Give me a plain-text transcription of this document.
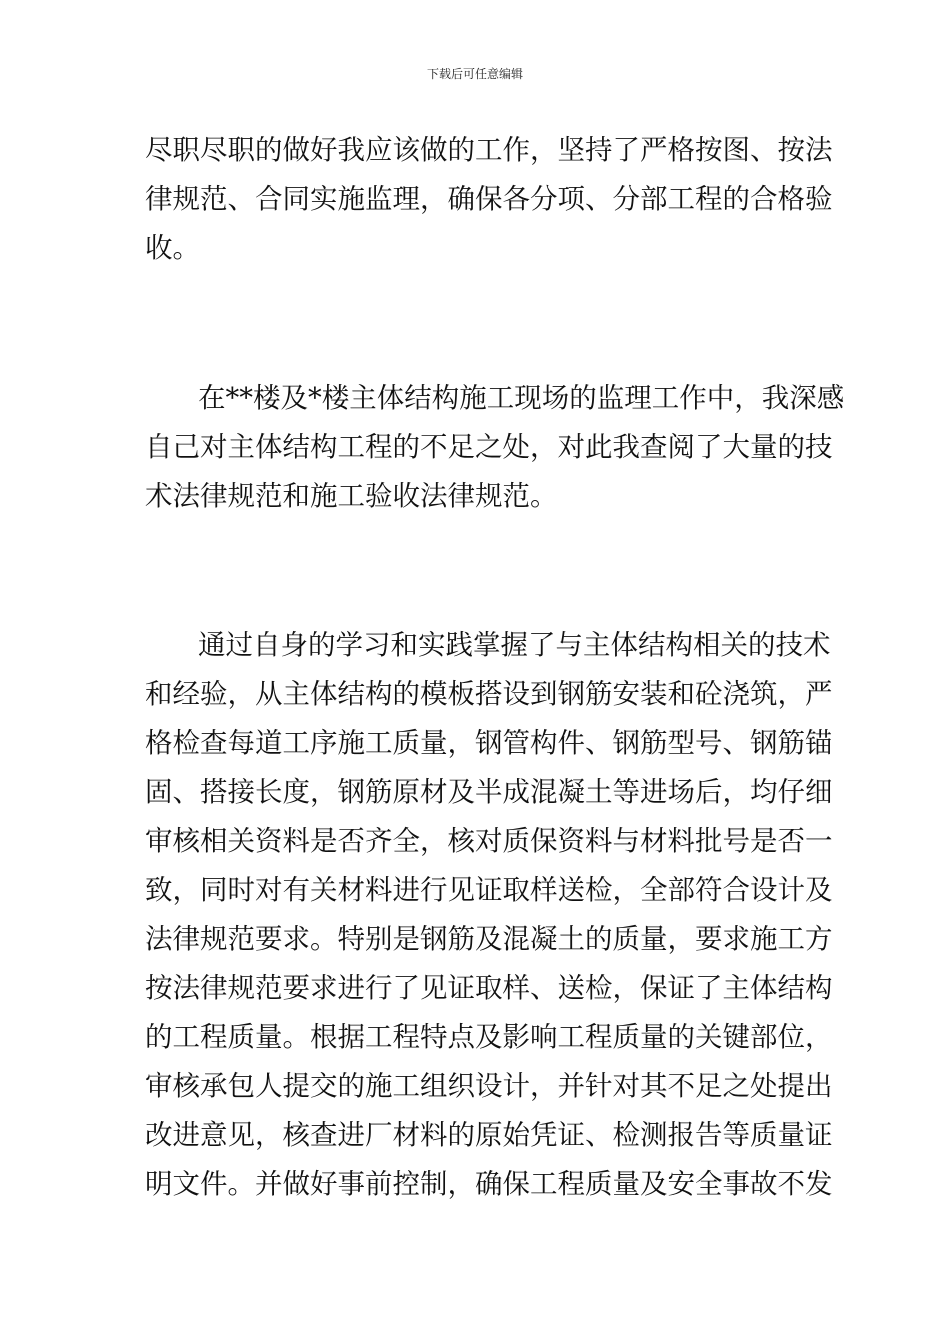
下载后可任意编辑
尽职尽职的做好我应该做的工作，坚持了严格按图、按法
律规范、合同实施监理，确保各分项、分部工程的合格验
收。
在**楼及*楼主体结构施工现场的监理工作中，我深感
自己对主体结构工程的不足之处，对此我查阅了大量的技
术法律规范和施工验收法律规范。
通过自身的学习和实践掌握了与主体结构相关的技术
和经验，从主体结构的模板搭设到钢筋安装和砼浇筑，严
格检查每道工序施工质量，钢管构件、钢筋型号、钢筋锚
固、搭接长度，钢筋原材及半成混凝土等进场后，均仔细
审核相关资料是否齐全，核对质保资料与材料批号是否一
致，同时对有关材料进行见证取样送检，全部符合设计及
法律规范要求。特别是钢筋及混凝土的质量，要求施工方
按法律规范要求进行了见证取样、送检，保证了主体结构
的工程质量。根据工程特点及影响工程质量的关键部位，
审核承包人提交的施工组织设计，并针对其不足之处提出
改进意见，核查进厂材料的原始凭证、检测报告等质量证
明文件。并做好事前控制，确保工程质量及安全事故不发
